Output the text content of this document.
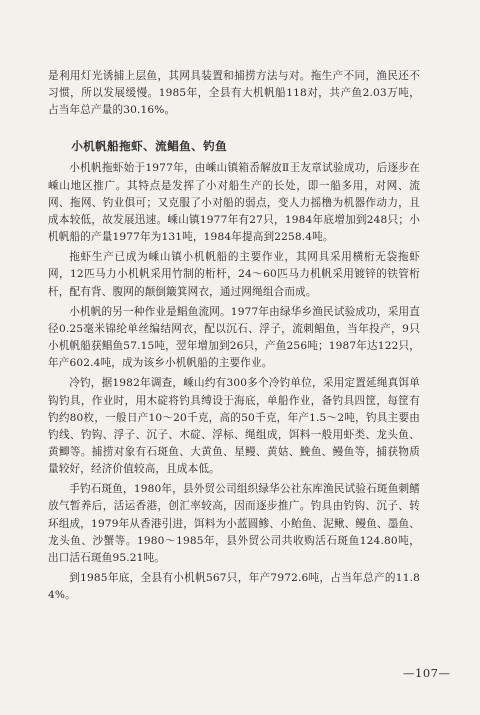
是利用灯光诱捕上层鱼，其网具装置和捕捞方法与对。拖生产不同，渔民还不习惯，所以发展缓慢。1985年，全县有大机帆船118对，共产鱼2.03万吨，占当年总产量的30.16%。

小机帆船拖虾、流鲳鱼、钓鱼

小机帆拖虾始于1977年，由嵊山镇箱岙解放Ⅱ王友章试验成功，后逐步在嵊山地区推广。其特点是发挥了小对船生产的长处，即一船多用，对网、流网、拖网、钓业俱可；又克服了小对船的弱点，变人力摇橹为机器作动力，且成本较低，故发展迅速。嵊山镇1977年有27只，1984年底增加到248只；小机帆船的产量1977年为131吨，1984年提高到2258.4吨。

拖虾生产已成为嵊山镇小机帆船的主要作业，其网具采用横桁无袋拖虾网，12匹马力小机帆采用竹制的桁杆，24～60匹马力机帆采用镀锌的铁管桁杆，配有背、腹网的颠倒簸箕网衣，通过网绳组合而成。

小机帆的另一种作业是鲳鱼流网。1977年由绿华乡渔民试验成功，采用直径0.25毫米锦纶单丝编结网衣，配以沉石、浮子，流刺鲳鱼，当年投产，9只小机帆船获鲳鱼57.15吨，翌年增加到26只，产鱼256吨；1987年达122只，年产602.4吨，成为该乡小机帆船的主要作业。

冷钓，据1982年调查，嵊山约有300多个冷钓单位，采用定置延绳真饵单钩钓具，作业时，用木碇将钓具缚设于海底，单船作业，备钓具四筐，每筐有钓约80枚，一般日产10～20千克，高的50千克，年产1.5～2吨，钓具主要由钓线、钓钩、浮子、沉子、木碇、浮标、绳组成，饵料一般用虾类、龙头鱼、黄鲫等。捕捞对象有石斑鱼、大黄鱼、星鳗、黄姑、鮸鱼、鳗鱼等，捕获物质量较好，经济价值较高，且成本低。

手钓石斑鱼，1980年，县外贸公司组织绿华公社东库渔民试验石斑鱼刺鳍放气暂养后，活运香港，创汇率较高，因而逐步推广。钓具由钓钩、沉子、转环组成，1979年从香港引进，饵料为小蓝圆鲹、小鲐鱼、泥鳅、鳗鱼、墨鱼、龙头鱼、沙蟹等。1980～1985年，县外贸公司共收购活石斑鱼124.80吨，出口活石斑鱼95.21吨。

到1985年底，全县有小机帆567只，年产7972.6吨，占当年总产的11.84%。

—107—
